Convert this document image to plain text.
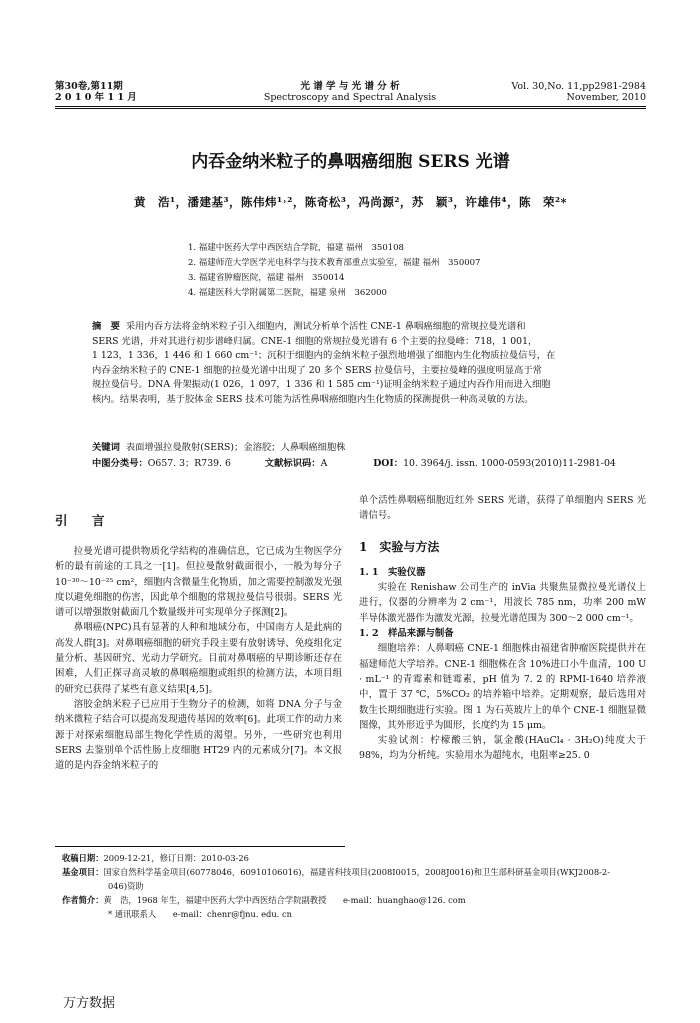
第30卷,第11期
2 0 1 0 年 1 1 月
光 谱 学 与 光 谱 分 析
Spectroscopy and Spectral Analysis
Vol. 30,No. 11,pp2981-2984
November, 2010
内吞金纳米粒子的鼻咽癌细胞 SERS 光谱
黄　浩¹，潘建基³，陈伟炜¹˒²，陈奇松³，冯尚源²，苏　颖³，许雄伟⁴，陈　荣²*
1. 福建中医药大学中西医结合学院，福建 福州　350108
2. 福建师范大学医学光电科学与技术教育部重点实验室，福建 福州　350007
3. 福建省肿瘤医院，福建 福州　350014
4. 福建医科大学附属第二医院，福建 泉州　362000
摘　要 采用内吞方法将金纳米粒子引入细胞内，测试分析单个活性 CNE-1 鼻咽癌细胞的常规拉曼光谱和
SERS 光谱，并对其进行初步谱峰归属。CNE-1 细胞的常规拉曼光谱有 6 个主要的拉曼峰：718，1 001，
1 123，1 336，1 446 和 1 660 cm⁻¹；沉积于细胞内的金纳米粒子强烈地增强了细胞内生化物质拉曼信号，在
内吞金纳米粒子的 CNE-1 细胞的拉曼光谱中出现了 20 多个 SERS 拉曼信号，主要拉曼峰的强度明显高于常
规拉曼信号。DNA 骨架振动(1 026，1 097，1 336 和 1 585 cm⁻¹)证明金纳米粒子通过内吞作用而进入细胞
核内。结果表明，基于胶体金 SERS 技术可能为活性鼻咽癌细胞内生化物质的探测提供一种高灵敏的方法。
关键词 表面增强拉曼散射(SERS)；金溶胶；人鼻咽癌细胞株
中图分类号：O657. 3；R739. 6	文献标识码：A	DOI：10. 3964/j. issn. 1000-0593(2010)11-2981-04
引　言

拉曼光谱可提供物质化学结构的准确信息，它已成为生物医学分析的最有前途的工具之一[1]。但拉曼散射截面很小，一般为每分子 10⁻³⁰～10⁻²⁵ cm²，细胞内含微量生化物质，加之需要控制激发光强度以避免细胞的伤害，因此单个细胞的常规拉曼信号很弱。SERS 光谱可以增强散射截面几个数量级并可实现单分子探测[2]。

鼻咽癌(NPC)具有显著的人种和地域分布，中国南方人是此病的高发人群[3]。对鼻咽癌细胞的研究手段主要有放射诱导、免疫组化定量分析、基因研究、光动力学研究。目前对鼻咽癌的早期诊断还存在困难，人们正探寻高灵敏的鼻咽癌细胞或组织的检测方法，本项目组的研究已获得了某些有意义结果[4,5]。

溶胶金纳米粒子已应用于生物分子的检测，如将 DNA 分子与金纳米微粒子结合可以提高发现遗传基因的效率[6]。此项工作的动力来源于对探索细胞局部生物化学性质的渴望。另外，一些研究也利用 SERS 去鉴别单个活性肠上皮细胞 HT29 内的元素成分[7]。本文报道的是内吞金纳米粒子的

单个活性鼻咽癌细胞近红外 SERS 光谱，获得了单细胞内 SERS 光谱信号。

1　实验与方法

1. 1　实验仪器

实验在 Renishaw 公司生产的 inVia 共聚焦显微拉曼光谱仪上进行，仪器的分辨率为 2 cm⁻¹，用波长 785 nm，功率 200 mW 半导体激光器作为激发光源，拉曼光谱范围为 300～2 000 cm⁻¹。

1. 2　样品来源与制备

细胞培养：人鼻咽癌 CNE-1 细胞株由福建省肿瘤医院提供并在福建师范大学培养。CNE-1 细胞株在含 10%进口小牛血清，100 U · mL⁻¹ 的青霉素和链霉素，pH 值为 7. 2 的 RPMI-1640 培养液中，置于 37 ℃，5%CO₂ 的培养箱中培养。定期观察，最后选用对数生长期细胞进行实验。图 1 为石英玻片上的单个 CNE-1 细胞显微图像，其外形近乎为圆形，长度约为 15 μm。

实验试剂：柠檬酸三钠，氯金酸(HAuCl₄ · 3H₂O)纯度大于 98%，均为分析纯。实验用水为超纯水，电阻率≥25. 0

收稿日期：2009-12-21，修订日期：2010-03-26
基金项目：国家自然科学基金项目(60778046，60910106016)，福建省科技项目(2008I0015，2008J0016)和卫生部科研基金项目(WKJ2008-2-
046)资助
作者简介：黄　浩，1968 年生，福建中医药大学中西医结合学院副教授　　e-mail：huanghao@126. com
* 通讯联系人　　e-mail：chenr@fjnu. edu. cn
万方数据
